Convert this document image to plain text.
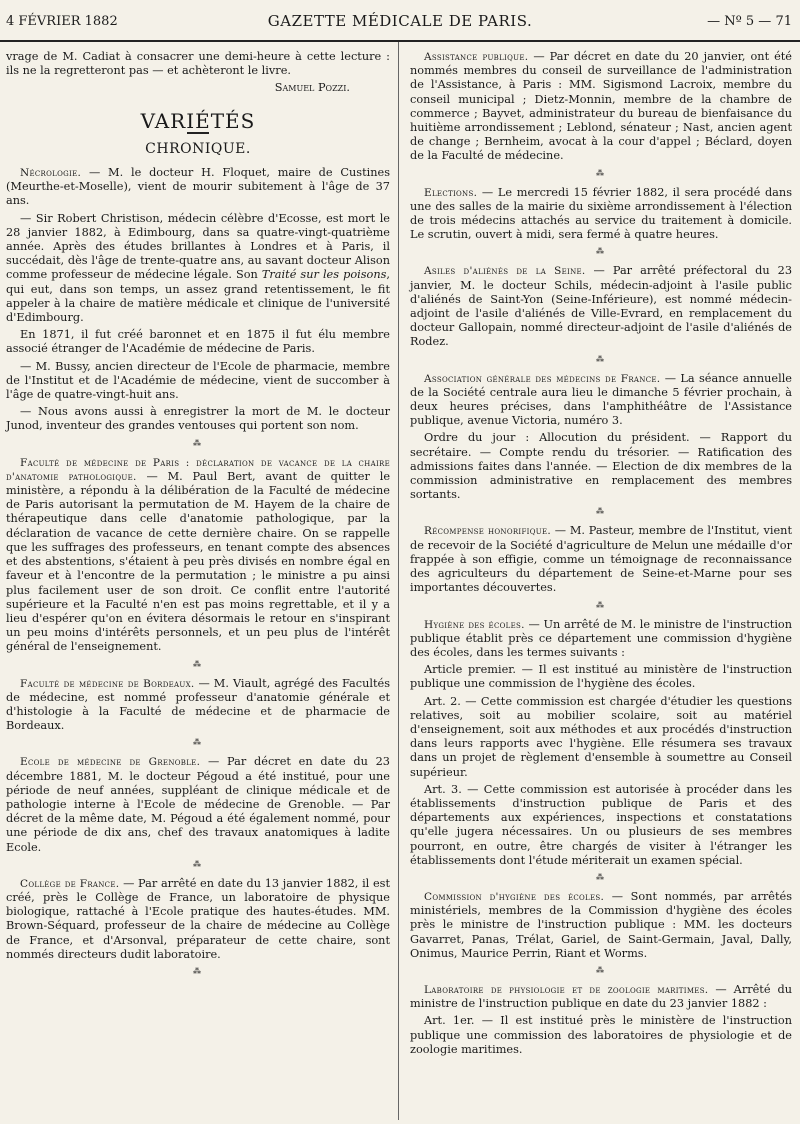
4 FÉVRIER 1882	GAZETTE MÉDICALE DE PARIS.	— Nº 5 — 71

vrage de M. Cadiat à consacrer une demi-heure à cette lecture : ils ne la regretteront pas — et achèteront le livre.

Samuel Pozzi.

VARIÉTÉS
CHRONIQUE.

Nécrologie. — M. le docteur H. Floquet, maire de Custines (Meurthe-et-Moselle), vient de mourir subitement à l'âge de 37 ans.

— Sir Robert Christison, médecin célèbre d'Ecosse, est mort le 28 janvier 1882, à Edimbourg, dans sa quatre-vingt-quatrième année. Après des études brillantes à Londres et à Paris, il succédait, dès l'âge de trente-quatre ans, au savant docteur Alison comme professeur de médecine légale. Son Traité sur les poisons, qui eut, dans son temps, un assez grand retentissement, le fit appeler à la chaire de matière médicale et clinique de l'université d'Edimbourg.

En 1871, il fut créé baronnet et en 1875 il fut élu membre associé étranger de l'Académie de médecine de Paris.

— M. Bussy, ancien directeur de l'Ecole de pharmacie, membre de l'Institut et de l'Académie de médecine, vient de succomber à l'âge de quatre-vingt-huit ans.

— Nous avons aussi à enregistrer la mort de M. le docteur Junod, inventeur des grandes ventouses qui portent son nom.

⁂

Faculté de médecine de Paris : déclaration de vacance de la chaire d'anatomie pathologique. — M. Paul Bert, avant de quitter le ministère, a répondu à la délibération de la Faculté de médecine de Paris autorisant la permutation de M. Hayem de la chaire de thérapeutique dans celle d'anatomie pathologique, par la déclaration de vacance de cette dernière chaire. On se rappelle que les suffrages des professeurs, en tenant compte des absences et des abstentions, s'étaient à peu près divisés en nombre égal en faveur et à l'encontre de la permutation ; le ministre a pu ainsi plus facilement user de son droit. Ce conflit entre l'autorité supérieure et la Faculté n'en est pas moins regrettable, et il y a lieu d'espérer qu'on en évitera désormais le retour en s'inspirant un peu moins d'intérêts personnels, et un peu plus de l'intérêt général de l'enseignement.

⁂

Faculté de médecine de Bordeaux. — M. Viault, agrégé des Facultés de médecine, est nommé professeur d'anatomie générale et d'histologie à la Faculté de médecine et de pharmacie de Bordeaux.

⁂

Ecole de médecine de Grenoble. — Par décret en date du 23 décembre 1881, M. le docteur Pégoud a été institué, pour une période de neuf années, suppléant de clinique médicale et de pathologie interne à l'Ecole de médecine de Grenoble. — Par décret de la même date, M. Pégoud a été également nommé, pour une période de dix ans, chef des travaux anatomiques à ladite Ecole.

⁂

Collège de France. — Par arrêté en date du 13 janvier 1882, il est créé, près le Collège de France, un laboratoire de physique biologique, rattaché à l'Ecole pratique des hautes-études. MM. Brown-Séquard, professeur de la chaire de médecine au Collège de France, et d'Arsonval, préparateur de cette chaire, sont nommés directeurs dudit laboratoire.

⁂

Assistance publique. — Par décret en date du 20 janvier, ont été nommés membres du conseil de surveillance de l'administration de l'Assistance, à Paris : MM. Sigismond Lacroix, membre du conseil municipal ; Dietz-Monnin, membre de la chambre de commerce ; Bayvet, administrateur du bureau de bienfaisance du huitième arrondissement ; Leblond, sénateur ; Nast, ancien agent de change ; Bernheim, avocat à la cour d'appel ; Béclard, doyen de la Faculté de médecine.

⁂

Elections. — Le mercredi 15 février 1882, il sera procédé dans une des salles de la mairie du sixième arrondissement à l'élection de trois médecins attachés au service du traitement à domicile. Le scrutin, ouvert à midi, sera fermé à quatre heures.

⁂

Asiles d'aliénés de la Seine. — Par arrêté préfectoral du 23 janvier, M. le docteur Schils, médecin-adjoint à l'asile public d'aliénés de Saint-Yon (Seine-Inférieure), est nommé médecin-adjoint de l'asile d'aliénés de Ville-Evrard, en remplacement du docteur Gallopain, nommé directeur-adjoint de l'asile d'aliénés de Rodez.

⁂

Association générale des médecins de France. — La séance annuelle de la Société centrale aura lieu le dimanche 5 février prochain, à deux heures précises, dans l'amphithéâtre de l'Assistance publique, avenue Victoria, numéro 3.

Ordre du jour : Allocution du président. — Rapport du secrétaire. — Compte rendu du trésorier. — Ratification des admissions faites dans l'année. — Election de dix membres de la commission administrative en remplacement des membres sortants.

⁂

Récompense honorifique. — M. Pasteur, membre de l'Institut, vient de recevoir de la Société d'agriculture de Melun une médaille d'or frappée à son effigie, comme un témoignage de reconnaissance des agriculteurs du département de Seine-et-Marne pour ses importantes découvertes.

⁂

Hygiène des écoles. — Un arrêté de M. le ministre de l'instruction publique établit près ce département une commission d'hygiène des écoles, dans les termes suivants :

Article premier. — Il est institué au ministère de l'instruction publique une commission de l'hygiène des écoles.

Art. 2. — Cette commission est chargée d'étudier les questions relatives, soit au mobilier scolaire, soit au matériel d'enseignement, soit aux méthodes et aux procédés d'instruction dans leurs rapports avec l'hygiène. Elle résumera ses travaux dans un projet de règlement d'ensemble à soumettre au Conseil supérieur.

Art. 3. — Cette commission est autorisée à procéder dans les établissements d'instruction publique de Paris et des départements aux expériences, inspections et constatations qu'elle jugera nécessaires. Un ou plusieurs de ses membres pourront, en outre, être chargés de visiter à l'étranger les établissements dont l'étude mériterait un examen spécial.

⁂

Commission d'hygiène des écoles. — Sont nommés, par arrêtés ministériels, membres de la Commission d'hygiène des écoles près le ministre de l'instruction publique : MM. les docteurs Gavarret, Panas, Trélat, Gariel, de Saint-Germain, Javal, Dally, Onimus, Maurice Perrin, Riant et Worms.

⁂

Laboratoire de physiologie et de zoologie maritimes. — Arrêté du ministre de l'instruction publique en date du 23 janvier 1882 :

Art. 1er. — Il est institué près le ministère de l'instruction publique une commission des laboratoires de physiologie et de zoologie maritimes.
